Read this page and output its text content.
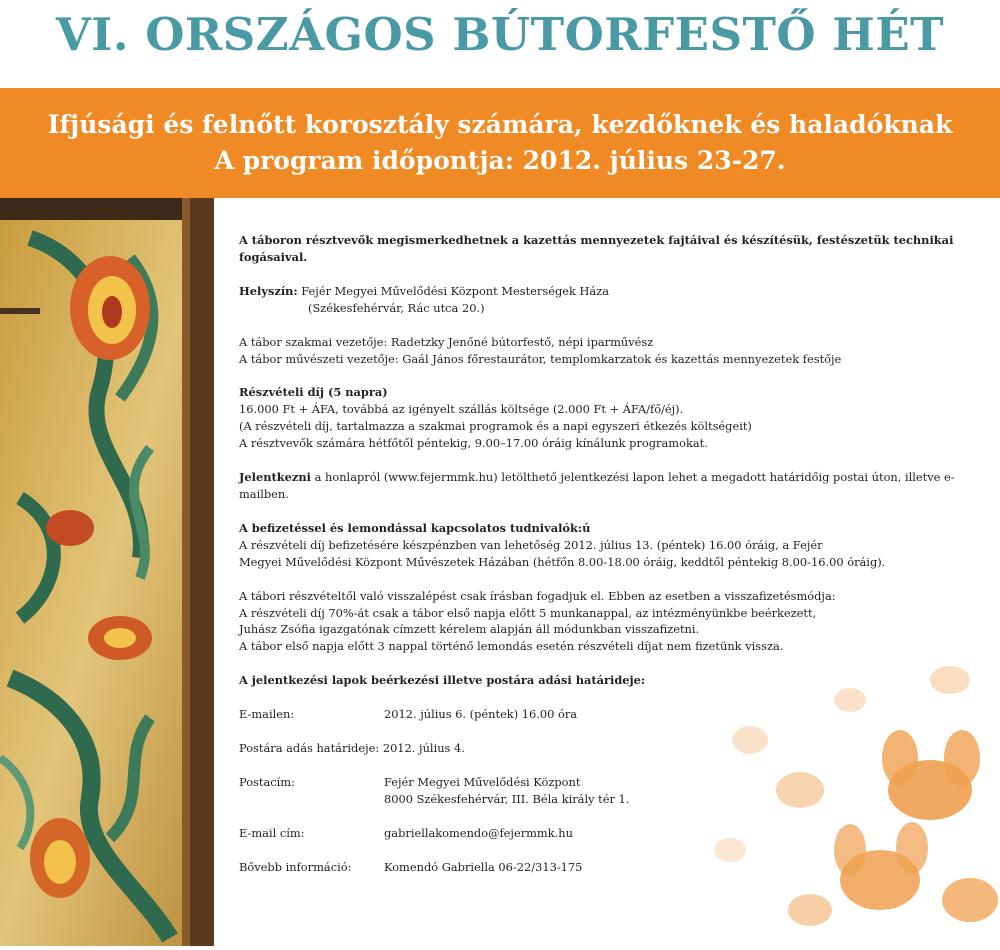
VI. ORSZÁGOS BÚTORFESTŐ HÉT
Ifjúsági és felnőtt korosztály számára, kezdőknek és haladóknak
A program időpontja: 2012. július 23-27.

A táboron résztvevők megismerkedhetnek a kazettás mennyezetek fajtáival és készítésük, festészetük technikai fogásaival.

Helyszín: Fejér Megyei Művelődési Központ Mesterségek Háza

(Székesfehérvár, Rác utca 20.)

A tábor szakmai vezetője: Radetzky Jenőné bútorfestő, népi iparművész

A tábor művészeti vezetője: Gaál János főrestaurátor, templomkarzatok és kazettás mennyezetek festője

Részvételi díj (5 napra)

16.000 Ft + ÁFA, továbbá az igényelt szállás költsége (2.000 Ft + ÁFA/fő/éj).

(A részvételi díj, tartalmazza a szakmai programok és a napi egyszeri étkezés költségeit)

A résztvevők számára hétfőtől péntekig, 9.00–17.00 óráig kínálunk programokat.

Jelentkezni a honlapról (www.fejermmk.hu) letölthető jelentkezési lapon lehet a megadott határidőig postai úton, illetve e-mailben.

A befizetéssel és lemondással kapcsolatos tudnivalók:ú

A részvételi díj befizetésére készpénzben van lehetőség 2012. július 13. (péntek) 16.00 óráig, a Fejér

Megyei Művelődési Központ Művészetek Házában (hétfőn 8.00-18.00 óráig, keddtől péntekig 8.00-16.00 óráig).

A tábori részvételtől való visszalépést csak írásban fogadjuk el. Ebben az esetben a visszafizetésmódja:

A részvételi díj 70%-át csak a tábor első napja előtt 5 munkanappal, az intézményünkbe beérkezett,

Juhász Zsófia igazgatónak címzett kérelem alapján áll módunkban visszafizetni.

A tábor első napja előtt 3 nappal történő lemondás esetén részvételi díjat nem fizetünk vissza.

A jelentkezési lapok beérkezési illetve postára adási határideje:

E-mailen:	2012. július 6. (péntek) 16.00 óra
Postára adás határideje: 2012. július 4.
Postacím:	Fejér Megyei Művelődési Központ
8000 Székesfehérvár, III. Béla király tér 1.
E-mail cím:	gabriellakomendo@fejermmk.hu
Bővebb információ:	Komendó Gabriella 06-22/313-175
